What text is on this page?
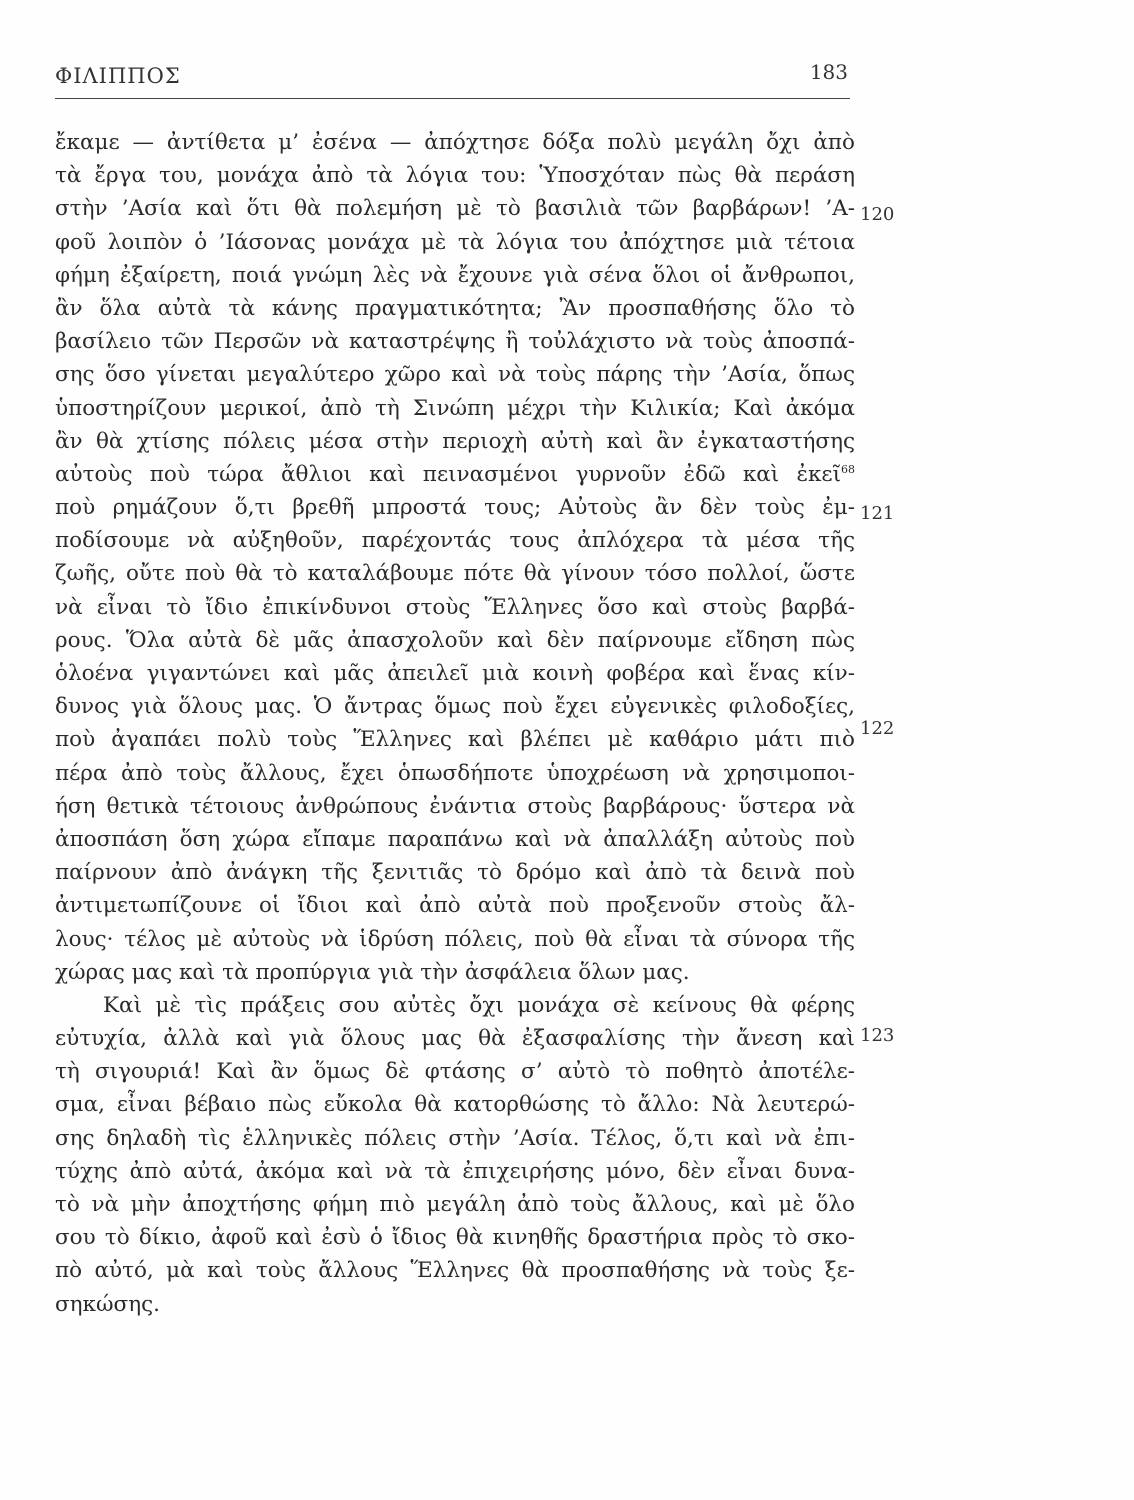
ΦΙΛΙΠΠΟΣ	183
ἔκαμε — ἀντίθετα μ’ ἐσένα — ἀπόχτησε δόξα πολὺ μεγάλη ὄχι ἀπὸ
τὰ ἔργα του, μονάχα ἀπὸ τὰ λόγια του: Ὑποσχόταν πὼς θὰ περάση
στὴν ’Ασία καὶ ὅτι θὰ πολεμήση μὲ τὸ βασιλιὰ τῶν βαρβάρων! ’Α-
φοῦ λοιπὸν ὁ ’Ιάσονας μονάχα μὲ τὰ λόγια του ἀπόχτησε μιὰ τέτοια
φήμη ἐξαίρετη, ποιά γνώμη λὲς νὰ ἔχουνε γιὰ σένα ὅλοι οἱ ἄνθρωποι,
ἂν ὅλα αὐτὰ τὰ κάνης πραγματικότητα; Ἂν προσπαθήσης ὅλο τὸ
βασίλειο τῶν Περσῶν νὰ καταστρέψης ἢ τοὐλάχιστο νὰ τοὺς ἀποσπά-
σης ὅσο γίνεται μεγαλύτερο χῶρο καὶ νὰ τοὺς πάρης τὴν ’Ασία, ὅπως
ὑποστηρίζουν μερικοί, ἀπὸ τὴ Σινώπη μέχρι τὴν Κιλικία; Καὶ ἀκόμα
ἂν θὰ χτίσης πόλεις μέσα στὴν περιοχὴ αὐτὴ καὶ ἂν ἐγκαταστήσης
αὐτοὺς ποὺ τώρα ἄθλιοι καὶ πεινασμένοι γυρνοῦν ἐδῶ καὶ ἐκεῖ$^{68}$
ποὺ ρημάζουν ὅ,τι βρεθῆ μπροστά τους; Αὐτοὺς ἂν δὲν τοὺς ἐμ-
ποδίσουμε νὰ αὐξηθοῦν, παρέχοντάς τους ἀπλόχερα τὰ μέσα τῆς
ζωῆς, οὔτε ποὺ θὰ τὸ καταλάβουμε πότε θὰ γίνουν τόσο πολλοί, ὥστε
νὰ εἶναι τὸ ἴδιο ἐπικίνδυνοι στοὺς Ἕλληνες ὅσο καὶ στοὺς βαρβά-
ρους. Ὅλα αὐτὰ δὲ μᾶς ἀπασχολοῦν καὶ δὲν παίρνουμε εἴδηση πὼς
ὁλοένα γιγαντώνει καὶ μᾶς ἀπειλεῖ μιὰ κοινὴ φοβέρα καὶ ἕνας κίν-
δυνος γιὰ ὅλους μας. Ὁ ἄντρας ὅμως ποὺ ἔχει εὐγενικὲς φιλοδοξίες,
ποὺ ἀγαπάει πολὺ τοὺς Ἕλληνες καὶ βλέπει μὲ καθάριο μάτι πιὸ
πέρα ἀπὸ τοὺς ἄλλους, ἔχει ὁπωσδήποτε ὑποχρέωση νὰ χρησιμοποι-
ήση θετικὰ τέτοιους ἀνθρώπους ἐνάντια στοὺς βαρβάρους· ὕστερα νὰ
ἀποσπάση ὅση χώρα εἴπαμε παραπάνω καὶ νὰ ἀπαλλάξη αὐτοὺς ποὺ
παίρνουν ἀπὸ ἀνάγκη τῆς ξενιτιᾶς τὸ δρόμο καὶ ἀπὸ τὰ δεινὰ ποὺ
ἀντιμετωπίζουνε οἱ ἴδιοι καὶ ἀπὸ αὐτὰ ποὺ προξενοῦν στοὺς ἄλ-
λους· τέλος μὲ αὐτοὺς νὰ ἱδρύση πόλεις, ποὺ θὰ εἶναι τὰ σύνορα τῆς
χώρας μας καὶ τὰ προπύργια γιὰ τὴν ἀσφάλεια ὅλων μας.
Καὶ μὲ τὶς πράξεις σου αὐτὲς ὄχι μονάχα σὲ κείνους θὰ φέρης
εὐτυχία, ἀλλὰ καὶ γιὰ ὅλους μας θὰ ἐξασφαλίσης τὴν ἄνεση καὶ
τὴ σιγουριά! Καὶ ἂν ὅμως δὲ φτάσης σ’ αὐτὸ τὸ ποθητὸ ἀποτέλε-
σμα, εἶναι βέβαιο πὼς εὔκολα θὰ κατορθώσης τὸ ἄλλο: Νὰ λευτερώ-
σης δηλαδὴ τὶς ἑλληνικὲς πόλεις στὴν ’Ασία. Τέλος, ὅ,τι καὶ νὰ ἐπι-
τύχης ἀπὸ αὐτά, ἀκόμα καὶ νὰ τὰ ἐπιχειρήσης μόνο, δὲν εἶναι δυνα-
τὸ νὰ μὴν ἀποχτήσης φήμη πιὸ μεγάλη ἀπὸ τοὺς ἄλλους, καὶ μὲ ὅλο
σου τὸ δίκιο, ἀφοῦ καὶ ἐσὺ ὁ ἴδιος θὰ κινηθῆς δραστήρια πρὸς τὸ σκο-
πὸ αὐτό, μὰ καὶ τοὺς ἄλλους Ἕλληνες θὰ προσπαθήσης νὰ τοὺς ξε-
σηκώσης.
120
121
122
123
